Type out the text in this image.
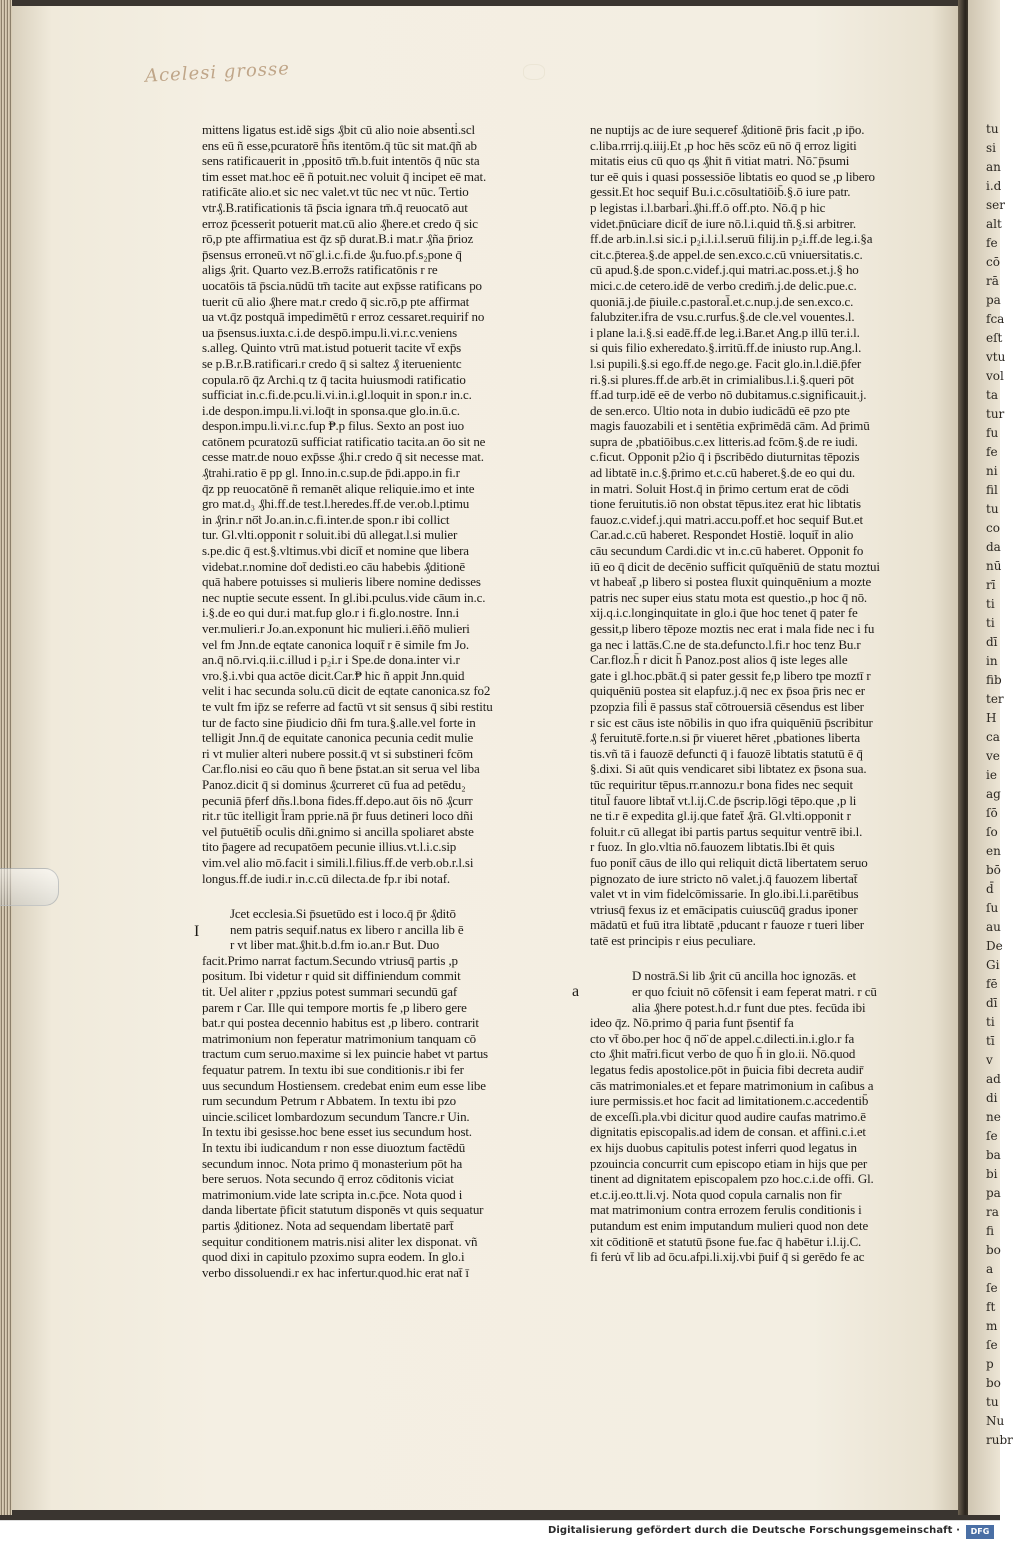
tu
si
an
i.d
ser
alt
fe
cō
rā
pa
fca
eſt
vtu
vol
ta
tur
fu
fe
ni
fil
tu
co
da
nū
rī
ti
ti
dī
in
fib
ter
H
ca
ve
ie
ag
ſō
ſo
en
bō
d̄
ſu
au
De
Gi
fē
dī
ti
tī
v
ad
di
ne
ſe
ba
bi
pa
ra
fi
bo
a
ſe
ft
m
ſe
p
bo
tu
Nu
rubr
Acelesi grosse
mittens ligatus est.idẽ sigs ₰bit cū alio noie absenti̇.scl
ens eū ñ esse,pcuratorē h̄ñs itentōm.q̄ tūc sit mat.q̄ñ ab
sens ratificauerit in ,ppositō tm̄.b.fuit intentōs q̄ nūc sta
tim esset mat.hoc eē ñ potuit.nec voluit q̄ incipet eē mat.
ratificāte alio.et sic nec valet.vt tūc nec vt nūc. Tertio
vtr₰.B.ratificationis tā p̄scia ignara tm̄.q̄ reuocatō aut
erroz p̄cesserit potuerit mat.cū alio ₰here.et credo q̄ sic
rō,p pte affirmatiua est q̄z sp̄ durat.B.i mat.r ₰ña p̄rioz
p̄sensus erroneū.vt nō̈ gl.i.c.fi.de ₰u.fuo.pf.s₂pone q̄
aligs ₰rit. Quarto vez.B.erroz̄s ratificatōnis r re
uocatōis tā p̄scia.nūdū tm̄ tacite aut exp̄sse ratificans po
tuerit cū alio ₰here mat.r credo q̄ sic.rō,p pte affirmat
ua vt.q̄z postquā impedimētū r erroz cessaret.requirif no
ua p̄sensus.iuxta.c.i.de despō.impu.li.vi.r.c.veniens
s.alleg. Quinto vtrū mat.istud potuerit tacite vt̄ exp̄s
se p.B.r.B.ratificari.r credo q̄ si saltez ₰ iteruenientc
copula.rō q̄z Archi.q tz q̄ tacita huiusmodi ratificatio
sufficiat in.c.fi.de.pcu.li.vi.in.i.gl.loquit in spon.r in.c.
i.de despon.impu.li.vi.loq̄t in sponsa.que glo.in.ū.c.
despon.impu.li.vi.r.c.fup ₱.p filus. Sexto an post iuo
catōnem pcuratozū sufficiat ratificatio tacita.an ōo sit ne
cesse matr.de nouo exp̄sse ₰hi.r credo q̄ sit necesse mat.
₰trahi.ratio ē pp gl. Inno.in.c.sup.de p̄di.appo.in fi.r
q̄z pp reuocatōnē ñ remanēt alique reliquie.imo et inte
gro mat.d₃ ₰hi.ff.de test.l.heredes.ff.de ver.ob.l.ptimu
in ₰rin.r nō̈t Jo.an.in.c.fi.inter.de spon.r ibi collict
tur. Gl.vlti.opponit r soluit.ibi dū allegat.l.si mulier
s.pe.dic q̄ est.§.vltimus.vbi dicit̄ et nomine que libera
videbat.r.nomine dot̄ dedisti.eo cāu habebis ₰ditionē
quā habere potuisses si mulieris libere nomine dedisses
nec nuptie secute essent. In gl.ibi.pculus.vide cāum in.c.
i.§.de eo qui dur.i mat.fup glo.r i fi.glo.nostre. Inn.i
ver.mulieri.r Jo.an.exponunt hic mulieri.i.ēñō mulieri
vel fm Jnn.de eqtate canonica loquit̄ r ē simile fm Jo.
an.q̄ nō.rvi.q.ii.c.illud i p₂i.r i Spe.de dona.inter vi.r
vro.§.i.vbi qua actōe dicit.Car.₱ hic ñ appit Jnn.quid
velit i hac secunda solu.cū dicit de eqtate canonica.sz fo2
te vult fm ip̄z se referre ad factū vt sit sensus q̄ sibi restitu
tur de facto sine p̄iudicio dñi fm tura.§.alle.vel forte in
telligit Jnn.q̄ de equitate canonica pecunia cedit mulie
ri vt mulier alteri nubere possit.q̄ vt si substineri fcōm
Car.flo.nisi eo cāu quo ñ bene p̄stat.an sit serua vel liba
Panoz.dicit q̄ si dominus ₰curreret cū fua ad petēdu₂
pecuniā p̄ferf dñs.l.bona fides.ff.depo.aut ōis nō ₰curr
rit.r tūc itelligit l̄ram pprie.nā p̄r fuus detineri loco dñi
vel p̄utuētib̄ oculis dñi.gnimo si ancilla spoliaret abste
tito p̄agere ad recupatōem pecunie illius.vt.l.i.c.sip
vim.vel alio mō.facit i simili.l.filius.ff.de verb.ob.r.l.si
longus.ff.de iudi.r in.c.cū dilecta.de fp.r ibi notaf.
I
Jcet ecclesia.Si p̄suetūdo est i loco.q̄ p̄r ₰ditō
nem patris sequif.natus ex libero r ancilla lib ē
r vt liber mat.₰hit.b.d.fm io.an.r But. Duo
facit.Primo narrat factum.Secundo vtriusq̄ partis ,p
positum. Ibi videtur r quid sit diffiniendum commit
tit. Uel aliter r ,ppzius potest summari secundū gaf
parem r Car. Ille qui tempore mortis fe ,p libero gere
bat.r qui postea decennio habitus est ,p libero. contrarit
matrimonium non feperatur matrimonium tanquam cō
tractum cum seruo.maxime si lex puincie habet vt partus
fequatur patrem. In textu ibi sue conditionis.r ibi fer
uus secundum Hostiensem. credebat enim eum esse libe
rum secundum Petrum r Abbatem. In textu ibi pzo
uincie.scilicet lombardozum secundum Tancre.r Uin.
In textu ibi gesisse.hoc bene esset ius secundum host.
In textu ibi iudicandum r non esse diuoztum factēdū
secundum innoc. Nota primo q̄ monasterium pōt ha
bere seruos. Nota secundo q̄ erroz cōditonis viciat
matrimonium.vide late scripta in.c.p̄ce. Nota quod i
danda libertate p̄ficit statutum disponēs vt quis sequatur
partis ₰ditionez. Nota ad sequendam libertatē part̄
sequitur conditionem matris.nisi aliter lex disponat. vñ
quod dixi in capitulo pzoximo supra eodem. In glo.i
verbo dissoluendi.r ex hac infertur.quod.hic erat nat̄ ī
ne nuptijs ac de iure sequeref ₰ditionē p̄ris facit ,p ip̄o.
c.liba.rrrij.q.iiij.Et ,p hoc hēs scōz eū nō q̄ erroz ligiti
mitatis eius cū quo qs ₰hit n̄ vitiat matri. Nō.̄ p̄sumi
tur eē quis i quasi possessiōe libtatis eo quod se ,p libero
gessit.Et hoc sequif Bu.i.c.cōsultatiōib̄.§.ō iure patr.
p legistas i.l.barbari̇.₰hi.ff.ō off.pto. Nō.q̄ p hic
videt.p̄nūciare dicit̄ de iure nō.l.i.quid tñ.§.si arbitrer.
ff.de arb.in.l.si sic.i p₂i.l.i.l.seruū filij.in p₂i.ff.de leg.i.§a
cit.c.p̄terea.§.de appel.de sen.exco.c.cū vniuersitatis.c.
cū apud.§.de spon.c.videf.j.qui matri.ac.poss.et.j.§ ho
mici.c.de cetero.idē de verbo credim̄.j.de delic.pue.c.
quoniā.j.de p̄iuile.c.pastoral̄.et.c.nup.j.de sen.exco.c.
falubziter.ifra de vsu.c.rurfus.§.de cle.vel vouentes.l.
i plane la.i.§.si eadē.ff.de leg.i.Bar.et Ang.p illū ter.i.l.
si quis filio exheredato.§.irritū.ff.de iniusto rup.Ang.l.
l.si pupili.§.si ego.ff.de nego.ge. Facit glo.in.l.diē.p̄fer
ri.§.si plures.ff.de arb.ēt in crimialibus.l.i.§.queri pōt
ff.ad turp.idē eē de verbo nō dubitamus.c.significauit.j.
de sen.erco. Ultio nota in dubio iudicādū eē pzo pte
magis fauozabili et i sentētia exp̄rimēdā cām. Ad p̄rimū
supra de ,pbatiōibus.c.ex litteris.ad fcōm.§.de re iudi.
c.ficut. Opponit p2io q̄ i p̄scribēdo diuturnitas tēpozis
ad libtatē in.c.§.p̄rimo et.c.cū haberet.§.de eo qui du.
in matri. Soluit Host.q̄ in p̄rimo certum erat de cōdi
tione feruitutis.iō non obstat tēpus.itez erat hic libtatis
fauoz.c.videf.j.qui matri.accu.poff.et hoc sequif But.et
Car.ad.c.cū haberet. Respondet Hostiē. loquit̄ in alio
cāu secundum Cardi.dic vt in.c.cū haberet. Opponit fo
iū eo q̄ dicit de decēnio sufficit quīquēniū de statu moztui
vt habeat̄ ,p libero si postea fluxit quinquēnium a mozte
patris nec super eius statu mota est questio.,p hoc q̄ nō.
xij.q.i.c.longinquitate in glo.i q̄ue hoc tenet q̄ pater fe
gessit,p libero tēpoze moztis nec erat i mala fide nec i fu
ga nec i lattās.C.ne de sta.defuncto.l.fi.r hoc tenz Bu.r
Car.floz.h̄ r dicit h̄ Panoz.post alios q̄ iste leges alle
gate i gl.hoc.pbāt.q̄ si pater gessit fe,p libero tpe moztī r
quiquēniū postea sit elapfuz.j.q̄ nec ex p̄soa p̄ris nec er
pzopzia fili̇ ē passus stat̄ cōtrouersiā cēsendus est liber
r sic est cāus iste nōbilis in quo ifra quiquēniū p̄scribitur
₰ feruitutē.forte.n.si p̄r viueret hēret ,pbationes liberta
tis.vñ tā i fauozē defuncti q̄ i fauozē libtatis statutū ē q̄
§.dixi. Si aūt quis vendicaret sibi libtatez ex p̄sona sua.
tūc requiritur tēpus.rr.annozu.r bona fides nec sequit
titul̄ fauore libtat̄ vt.l.ij.C.de p̄scrip.lōgi tēpo.que ,p li
ne ti.r ē expedita gl.ij.que fatet̄ ₰rā. Gl.vlti.opponit r
foluit.r cū allegat ibi partis partus sequitur ventrē ibi.l.
r fuoz. In glo.vltia nō.fauozem libtatis.Ibi ēt quis
fuo ponit̄ cāus de illo qui reliquit dictā libertatem seruo
pignozato de iure stricto nō valet.j.q̄ fauozem libertat̄
valet vt in vim fidelcōmissarie. In glo.ibi.l.i.parētibus
vtriusq̄ fexus iz et emācipatis cuiuscūq̄ gradus iponer
mādatū et fuū itra libtatē ,pducant r fauoze r tueri liber
tatē est principis r eius peculiare.
a
D nostrā.Si lib ₰rit cū ancilla hoc ignozās. et
er quo fciuit nō cōfensit i eam feperat matri. r cū
alia ₰here potest.h.d.r funt due ptes. fecūda ibi
ideo q̄z. Nō.primo q̄ paria funt p̄sentif fa
cto vt̄ ōbo.per hoc q̄ nō̈ de appel.c.dilecti.in.i.glo.r fa
cto ₰hit mat̄ri.ficut verbo de quo h̄ in glo.ii. Nō.quod
legatus fedis apostolice.pōt in p̄uicia fibi decreta audir̄
cās matrimoniales.et et fepare matrimonium in caſibus a
iure permissis.et hoc facit ad limitationem.c.accedentib̄
de exceſſi.pla.vbi dicitur quod audire caufas matrimo.ē
dignitatis episcopalis.ad idem de consan. et affini.c.i.et
ex hijs duobus capitulis potest inferri quod legatus in
pzouincia concurrit cum episcopo etiam in hijs que per
tinent ad dignitatem episcopalem pzo hoc.c.i.de offi. Gl.
et.c.ij.eo.tt.li.vj. Nota quod copula carnalis non fir
mat matrimonium contra errozem ferulis conditionis i
putandum est enim imputandum mulieri quod non dete
xit cōditionē et statutū p̄sone fue.fac q̄ habētur i.l.ij.C.
fi feru̇ vt̄ lib ad ōcu.afpi.li.xij.vbi p̄uif q̄ si gerēdo fe ac
Digitalisierung gefördert durch die Deutsche Forschungsgemeinschaft ·	DFG
